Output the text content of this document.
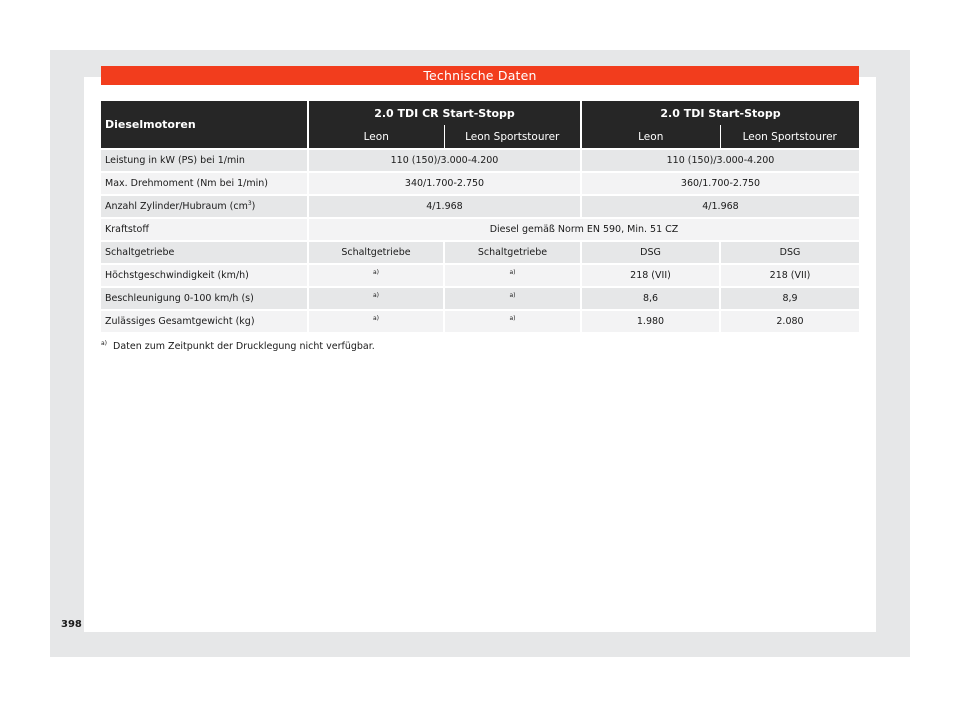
Technische Daten
Dieselmotoren	2.0 TDI CR Start-Stopp		2.0 TDI Start-Stopp	
	Leon	Leon Sportstourer	Leon	Leon Sportstourer
Leistung in kW (PS) bei 1/min	110 (150)/3.000-4.200		110 (150)/3.000-4.200	
Max. Drehmoment (Nm bei 1/min)	340/1.700-2.750		360/1.700-2.750	
Anzahl Zylinder/Hubraum $(cm^3)$	4/1.968		4/1.968	
Kraftstoff	Diesel gemäß Norm EN 590, Min. 51 CZ			
Schaltgetriebe	Schaltgetriebe	Schaltgetriebe	DSG	DSG
Höchstgeschwindigkeit (km/h)	$^{a)}$	$^{a)}$	218 (VII)	218 (VII)
Beschleunigung 0-100 km/h (s)	$^{a)}$	$^{a)}$	8,6	8,9
Zulässiges Gesamtgewicht (kg)	$^{a)}$	$^{a)}$	1.980	2.080
$^{a)}$ Daten zum Zeitpunkt der Drucklegung nicht verfügbar.
398
